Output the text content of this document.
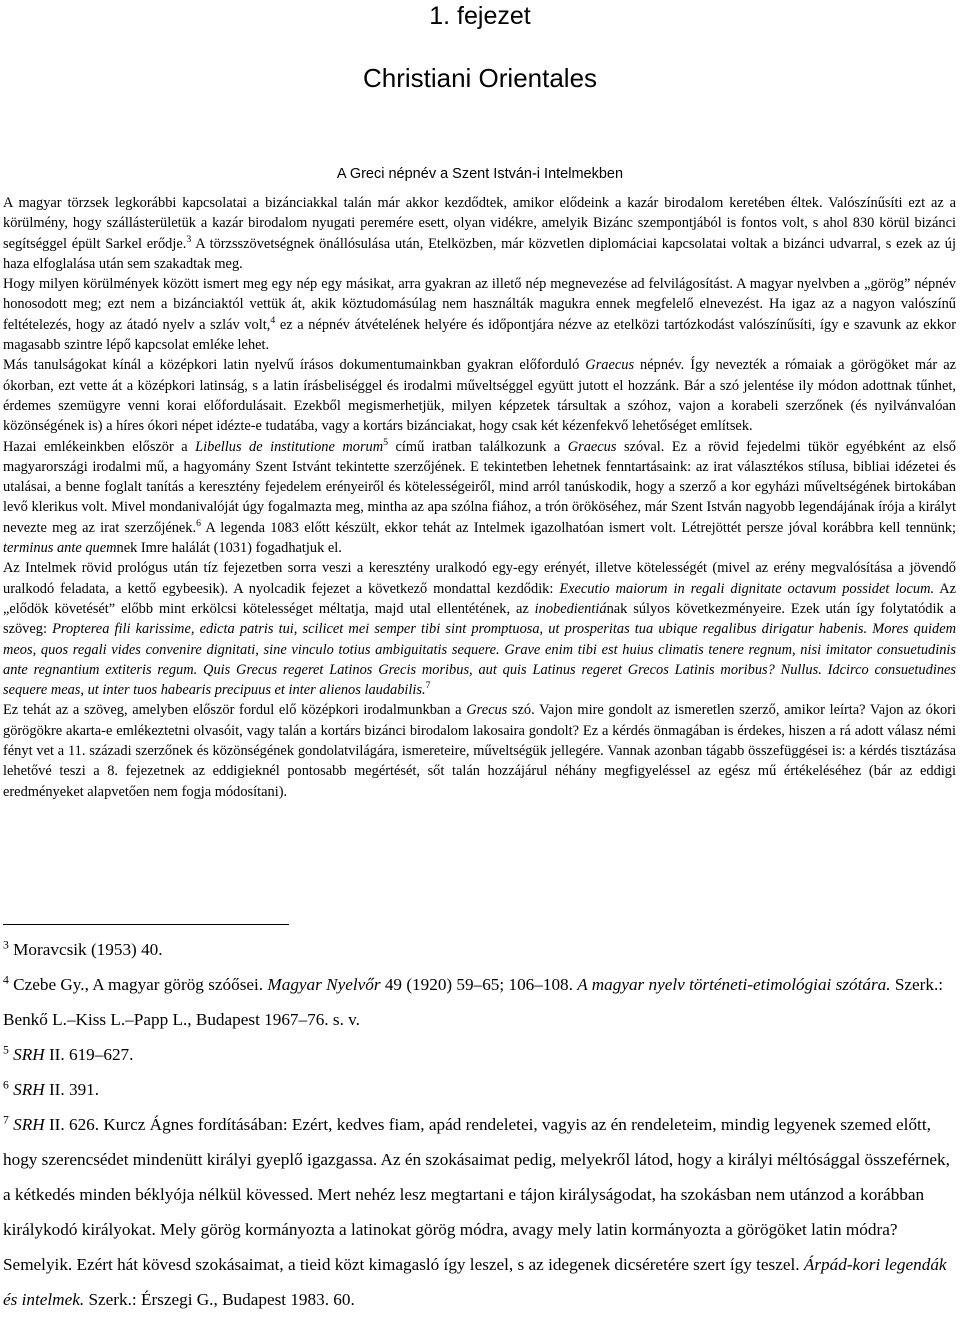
1. fejezet
Christiani Orientales
A Greci népnév a Szent István-i Intelmekben

A magyar törzsek legkorábbi kapcsolatai a bizánciakkal talán már akkor kezdődtek, amikor elődeink a kazár birodalom keretében éltek. Valószínűsíti ezt az a körülmény, hogy szállásterületük a kazár birodalom nyugati peremére esett, olyan vidékre, amelyik Bizánc szempontjából is fontos volt, s ahol 830 körül bizánci segítséggel épült Sarkel erődje.$^3$ A törzsszövetségnek önállósulása után, Etelközben, már közvetlen diplomáciai kapcsolatai voltak a bizánci udvarral, s ezek az új haza elfoglalása után sem szakadtak meg.

Hogy milyen körülmények között ismert meg egy nép egy másikat, arra gyakran az illető nép megnevezése ad felvilágosítást. A magyar nyelvben a „görög” népnév honosodott meg; ezt nem a bizánciaktól vettük át, akik köztudomásúlag nem használták magukra ennek megfelelő elnevezést. Ha igaz az a nagyon valószínű feltételezés, hogy az átadó nyelv a szláv volt,$^4$ ez a népnév átvételének helyére és időpontjára nézve az etelközi tartózkodást valószínűsíti, így e szavunk az ekkor magasabb szintre lépő kapcsolat emléke lehet.

Más tanulságokat kínál a középkori latin nyelvű írásos dokumentumainkban gyakran előforduló Graecus népnév. Így nevezték a rómaiak a görögöket már az ókorban, ezt vette át a középkori latinság, s a latin írásbeliséggel és irodalmi műveltséggel együtt jutott el hozzánk. Bár a szó jelentése ily módon adottnak tűnhet, érdemes szemügyre venni korai előfordulásait. Ezekből megismerhetjük, milyen képzetek társultak a szóhoz, vajon a korabeli szerzőnek (és nyilvánvalóan közönségének is) a híres ókori népet idézte-e tudatába, vagy a kortárs bizánciakat, hogy csak két kézenfekvő lehetőséget említsek.

Hazai emlékeinkben először a Libellus de institutione morum$^5$ című iratban találkozunk a Graecus szóval. Ez a rövid fejedelmi tükör egyébként az első magyarországi irodalmi mű, a hagyomány Szent Istvánt tekintette szerzőjének. E tekintetben lehetnek fenntartásaink: az irat választékos stílusa, bibliai idézetei és utalásai, a benne foglalt tanítás a keresztény fejedelem erényeiről és kötelességeiről, mind arról tanúskodik, hogy a szerző a kor egyházi műveltségének birtokában levő klerikus volt. Mivel mondanivalóját úgy fogalmazta meg, mintha az apa szólna fiához, a trón örököséhez, már Szent István nagyobb legendájának írója a királyt nevezte meg az irat szerzőjének.$^6$ A legenda 1083 előtt készült, ekkor tehát az Intelmek igazolhatóan ismert volt. Létrejöttét persze jóval korábbra kell tennünk; terminus ante quemnek Imre halálát (1031) fogadhatjuk el.

Az Intelmek rövid prológus után tíz fejezetben sorra veszi a keresztény uralkodó egy-egy erényét, illetve kötelességét (mivel az erény megvalósítása a jövendő uralkodó feladata, a kettő egybeesik). A nyolcadik fejezet a következő mondattal kezdődik: Executio maiorum in regali dignitate octavum possidet locum. Az „elődök követését” előbb mint erkölcsi kötelességet méltatja, majd utal ellentétének, az inobedientiának súlyos következményeire. Ezek után így folytatódik a szöveg: Propterea fili karissime, edicta patris tui, scilicet mei semper tibi sint promptuosa, ut prosperitas tua ubique regalibus dirigatur habenis. Mores quidem meos, quos regali vides convenire dignitati, sine vinculo totius ambiguitatis sequere. Grave enim tibi est huius climatis tenere regnum, nisi imitator consuetudinis ante regnantium extiteris regum. Quis Grecus regeret Latinos Grecis moribus, aut quis Latinus regeret Grecos Latinis moribus? Nullus. Idcirco consuetudines sequere meas, ut inter tuos habearis precipuus et inter alienos laudabilis.$^7$

Ez tehát az a szöveg, amelyben először fordul elő középkori irodalmunkban a Grecus szó. Vajon mire gondolt az ismeretlen szerző, amikor leírta? Vajon az ókori görögökre akarta-e emlékeztetni olvasóit, vagy talán a kortárs bizánci birodalom lakosaira gondolt? Ez a kérdés önmagában is érdekes, hiszen a rá adott válasz némi fényt vet a 11. századi szerzőnek és közönségének gondolatvilágára, ismereteire, műveltségük jellegére. Vannak azonban tágabb összefüggései is: a kérdés tisztázása lehetővé teszi a 8. fejezetnek az eddigieknél pontosabb megértését, sőt talán hozzájárul néhány megfigyeléssel az egész mű értékeléséhez (bár az eddigi eredményeket alapvetően nem fogja módosítani).

$^3$ Moravcsik (1953) 40.

$^4$ Czebe Gy., A magyar görög szóősei. Magyar Nyelvőr 49 (1920) 59–65; 106–108. A magyar nyelv történeti-etimológiai szótára. Szerk.: Benkő L.–Kiss L.–Papp L., Budapest 1967–76. s. v.

$^5$ SRH II. 619–627.

$^6$ SRH II. 391.

$^7$ SRH II. 626. Kurcz Ágnes fordításában: Ezért, kedves fiam, apád rendeletei, vagyis az én rendeleteim, mindig legyenek szemed előtt, hogy szerencsédet mindenütt királyi gyeplő igazgassa. Az én szokásaimat pedig, melyekről látod, hogy a királyi méltósággal összeférnek, a kétkedés minden béklyója nélkül kövessed. Mert nehéz lesz megtartani e tájon királyságodat, ha szokásban nem utánzod a korábban királykodó királyokat. Mely görög kormányozta a latinokat görög módra, avagy mely latin kormányozta a görögöket latin módra? Semelyik. Ezért hát kövesd szokásaimat, a tieid közt kimagasló így leszel, s az idegenek dicséretére szert így teszel. Árpád-kori legendák és intelmek. Szerk.: Érszegi G., Budapest 1983. 60.
